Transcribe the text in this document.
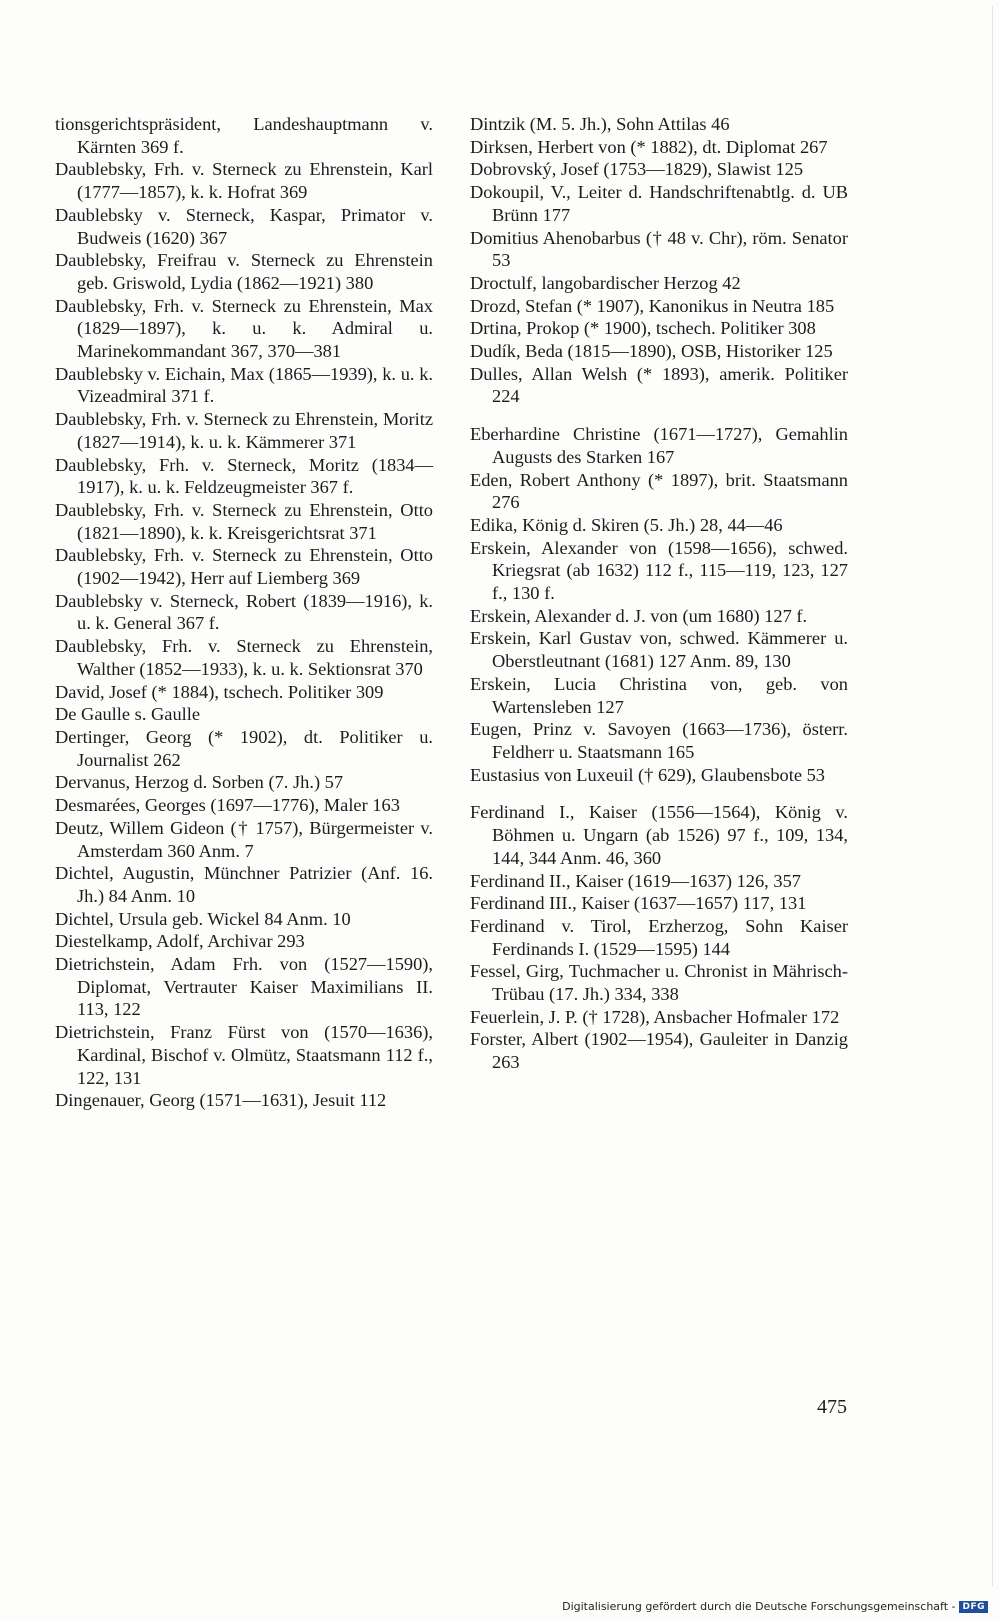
tionsgerichtspräsident, Landeshauptmann v. Kärnten 369 f.

Daublebsky, Frh. v. Sterneck zu Ehrenstein, Karl (1777—1857), k. k. Hofrat 369

Daublebsky v. Sterneck, Kaspar, Primator v. Budweis (1620) 367

Daublebsky, Freifrau v. Sterneck zu Ehrenstein geb. Griswold, Lydia (1862—1921) 380

Daublebsky, Frh. v. Sterneck zu Ehrenstein, Max (1829—1897), k. u. k. Admiral u. Marinekommandant 367, 370—381

Daublebsky v. Eichain, Max (1865—1939), k. u. k. Vizeadmiral 371 f.

Daublebsky, Frh. v. Sterneck zu Ehrenstein, Moritz (1827—1914), k. u. k. Kämmerer 371

Daublebsky, Frh. v. Sterneck, Moritz (1834—1917), k. u. k. Feldzeugmeister 367 f.

Daublebsky, Frh. v. Sterneck zu Ehrenstein, Otto (1821—1890), k. k. Kreisgerichtsrat 371

Daublebsky, Frh. v. Sterneck zu Ehrenstein, Otto (1902—1942), Herr auf Liemberg 369

Daublebsky v. Sterneck, Robert (1839—1916), k. u. k. General 367 f.

Daublebsky, Frh. v. Sterneck zu Ehrenstein, Walther (1852—1933), k. u. k. Sektionsrat 370

David, Josef (* 1884), tschech. Politiker 309

De Gaulle s. Gaulle

Dertinger, Georg (* 1902), dt. Politiker u. Journalist 262

Dervanus, Herzog d. Sorben (7. Jh.) 57

Desmarées, Georges (1697—1776), Maler 163

Deutz, Willem Gideon († 1757), Bürgermeister v. Amsterdam 360 Anm. 7

Dichtel, Augustin, Münchner Patrizier (Anf. 16. Jh.) 84 Anm. 10

Dichtel, Ursula geb. Wickel 84 Anm. 10

Diestelkamp, Adolf, Archivar 293

Dietrichstein, Adam Frh. von (1527—1590), Diplomat, Vertrauter Kaiser Maximilians II. 113, 122

Dietrichstein, Franz Fürst von (1570—1636), Kardinal, Bischof v. Olmütz, Staatsmann 112 f., 122, 131

Dingenauer, Georg (1571—1631), Jesuit 112

Dintzik (M. 5. Jh.), Sohn Attilas 46

Dirksen, Herbert von (* 1882), dt. Diplomat 267

Dobrovský, Josef (1753—1829), Slawist 125

Dokoupil, V., Leiter d. Handschriftenabtlg. d. UB Brünn 177

Domitius Ahenobarbus († 48 v. Chr), röm. Senator 53

Droctulf, langobardischer Herzog 42

Drozd, Stefan (* 1907), Kanonikus in Neutra 185

Drtina, Prokop (* 1900), tschech. Politiker 308

Dudík, Beda (1815—1890), OSB, Historiker 125

Dulles, Allan Welsh (* 1893), amerik. Politiker 224

Eberhardine Christine (1671—1727), Gemahlin Augusts des Starken 167

Eden, Robert Anthony (* 1897), brit. Staatsmann 276

Edika, König d. Skiren (5. Jh.) 28, 44—46

Erskein, Alexander von (1598—1656), schwed. Kriegsrat (ab 1632) 112 f., 115—119, 123, 127 f., 130 f.

Erskein, Alexander d. J. von (um 1680) 127 f.

Erskein, Karl Gustav von, schwed. Kämmerer u. Oberstleutnant (1681) 127 Anm. 89, 130

Erskein, Lucia Christina von, geb. von Wartensleben 127

Eugen, Prinz v. Savoyen (1663—1736), österr. Feldherr u. Staatsmann 165

Eustasius von Luxeuil († 629), Glaubensbote 53

Ferdinand I., Kaiser (1556—1564), König v. Böhmen u. Ungarn (ab 1526) 97 f., 109, 134, 144, 344 Anm. 46, 360

Ferdinand II., Kaiser (1619—1637) 126, 357

Ferdinand III., Kaiser (1637—1657) 117, 131

Ferdinand v. Tirol, Erzherzog, Sohn Kaiser Ferdinands I. (1529—1595) 144

Fessel, Girg, Tuchmacher u. Chronist in Mährisch-Trübau (17. Jh.) 334, 338

Feuerlein, J. P. († 1728), Ansbacher Hofmaler 172

Forster, Albert (1902—1954), Gauleiter in Danzig 263

475
Digitalisierung gefördert durch die Deutsche Forschungsgemeinschaft - DFG
